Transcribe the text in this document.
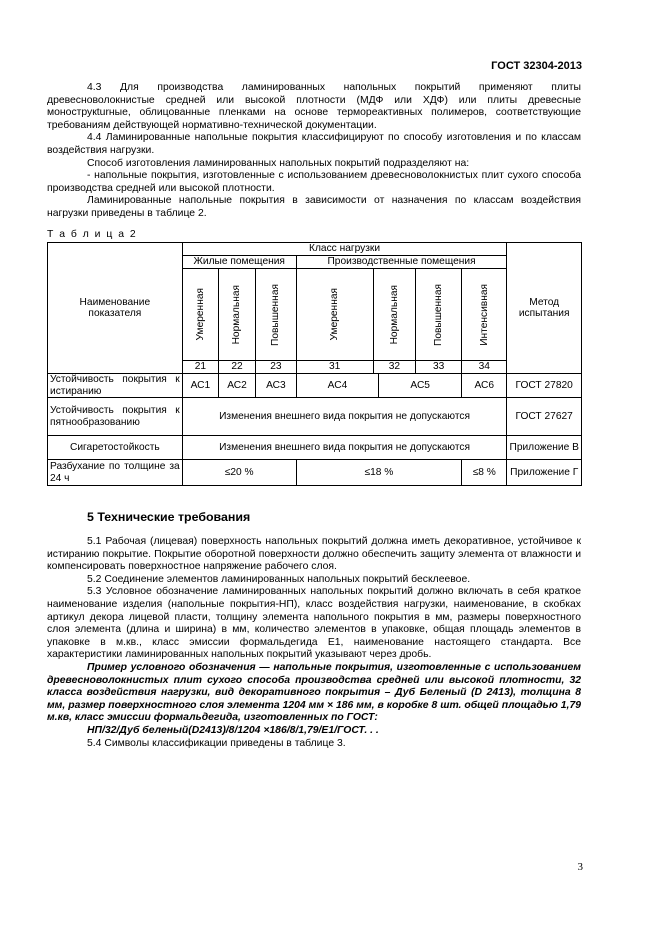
ГОСТ 32304-2013

4.3 Для производства ламинированных напольных покрытий применяют плиты древесноволокнистые средней или высокой плотности (МДФ или ХДФ) или плиты древесные монострукturные, облицованные пленками на основе термореактивных полимеров, соответствующие требованиям действующей нормативно-технической документации.

4.4 Ламинированные напольные покрытия классифицируют по способу изготовления и по классам воздействия нагрузки.

Способ изготовления ламинированных напольных покрытий подразделяют на:

- напольные покрытия, изготовленные с использованием древесноволокнистых плит сухого способа производства средней или высокой плотности.

Ламинированные напольные покрытия в зависимости от назначения по классам воздействия нагрузки приведены в таблице 2.

Т а б л и ц а 2
Наименование показателя	Класс нагрузки								Метод испытания
	Жилые помещения			Производственные помещения					

	Умеренная	Нормальная	Повышенная	Умеренная	Нормальная		Повышенная	Интенсивная	

	21	22	23	31	32		33	34	
Устойчивость покрытия к истиранию	АС1	АС2	АС3	АС4		АС5		АС6	ГОСТ 27820
Устойчивость покрытия к пятнообразованию	Изменения внешнего вида покрытия не допускаются								ГОСТ 27627
Сигаретостойкость	Изменения внешнего вида покрытия не допускаются								Приложение В
Разбухание по толщине за 24 ч	≤20 %			≤18 %				≤8 %	Приложение Г
5 Технические требования

5.1 Рабочая (лицевая) поверхность напольных покрытий должна иметь декоративное, устойчивое к истиранию покрытие. Покрытие оборотной поверхности должно обеспечить защиту элемента от влажности и компенсировать поверхностное напряжение рабочего слоя.

5.2 Соединение элементов ламинированных напольных покрытий бесклеевое.

5.3 Условное обозначение ламинированных напольных покрытий должно включать в себя краткое наименование изделия (напольные покрытия-НП), класс воздействия нагрузки, наименование, в скобках артикул декора лицевой пласти, толщину элемента напольного покрытия в мм, размеры поверхностного слоя элемента (длина и ширина) в мм, количество элементов в упаковке, общая площадь элементов в упаковке в м.кв., класс эмиссии формальдегида Е1, наименование настоящего стандарта. Все характеристики ламинированных напольных покрытий указывают через дробь.

Пример условного обозначения — напольные покрытия, изготовленные с использованием древесноволокнистых плит сухого способа производства средней или высокой плотности, 32 класса воздействия нагрузки, вид декоративного покрытия – Дуб Беленый (D 2413), толщина 8 мм, размер поверхностного слоя элемента 1204 мм × 186 мм, в коробке 8 шт. общей площадью 1,79 м.кв, класс эмиссии формальдегида, изготовленных по ГОСТ:

НП/32/Дуб беленый(D2413)/8/1204 ×186/8/1,79/Е1/ГОСТ. . .

5.4 Символы классификации приведены в таблице 3.

3
